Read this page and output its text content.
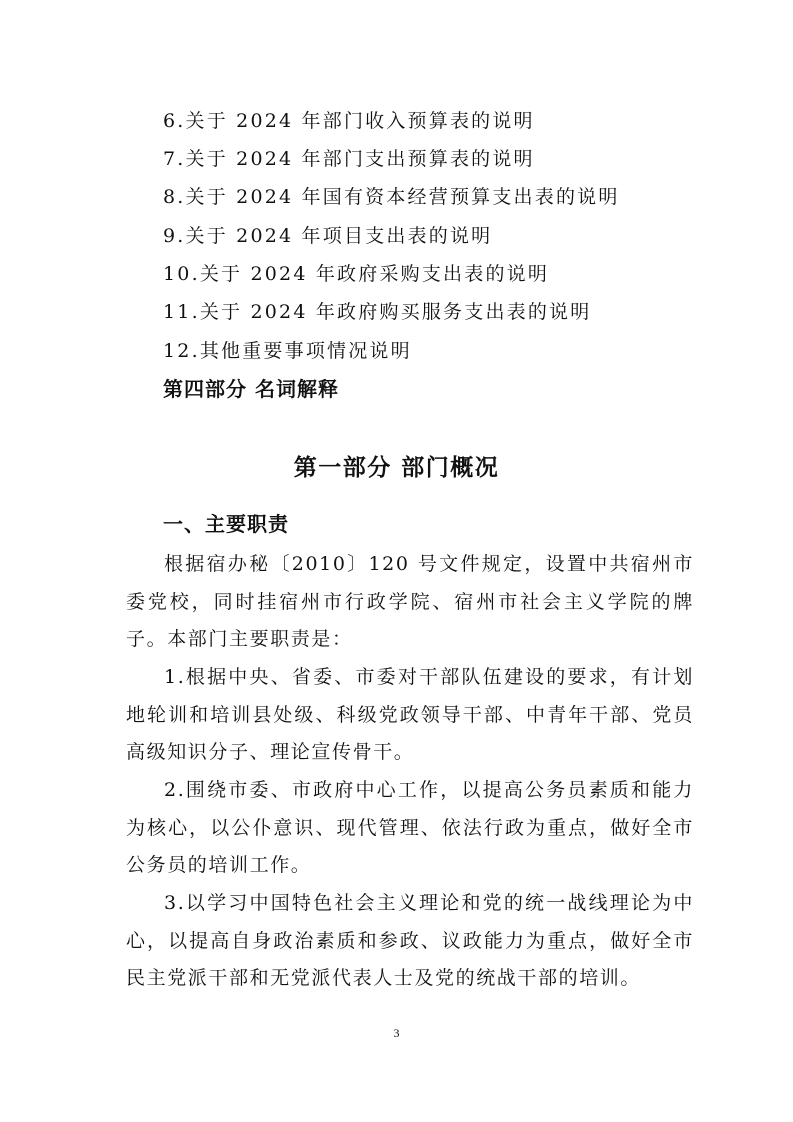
6.关于 2024 年部门收入预算表的说明
7.关于 2024 年部门支出预算表的说明
8.关于 2024 年国有资本经营预算支出表的说明
9.关于 2024 年项目支出表的说明
10.关于 2024 年政府采购支出表的说明
11.关于 2024 年政府购买服务支出表的说明
12.其他重要事项情况说明
第四部分 名词解释
第一部分 部门概况
一、主要职责

根据宿办秘〔2010〕120 号文件规定，设置中共宿州市委党校，同时挂宿州市行政学院、宿州市社会主义学院的牌子。本部门主要职责是：

1.根据中央、省委、市委对干部队伍建设的要求，有计划地轮训和培训县处级、科级党政领导干部、中青年干部、党员高级知识分子、理论宣传骨干。

2.围绕市委、市政府中心工作，以提高公务员素质和能力为核心，以公仆意识、现代管理、依法行政为重点，做好全市公务员的培训工作。

3.以学习中国特色社会主义理论和党的统一战线理论为中心，以提高自身政治素质和参政、议政能力为重点，做好全市民主党派干部和无党派代表人士及党的统战干部的培训。

3
